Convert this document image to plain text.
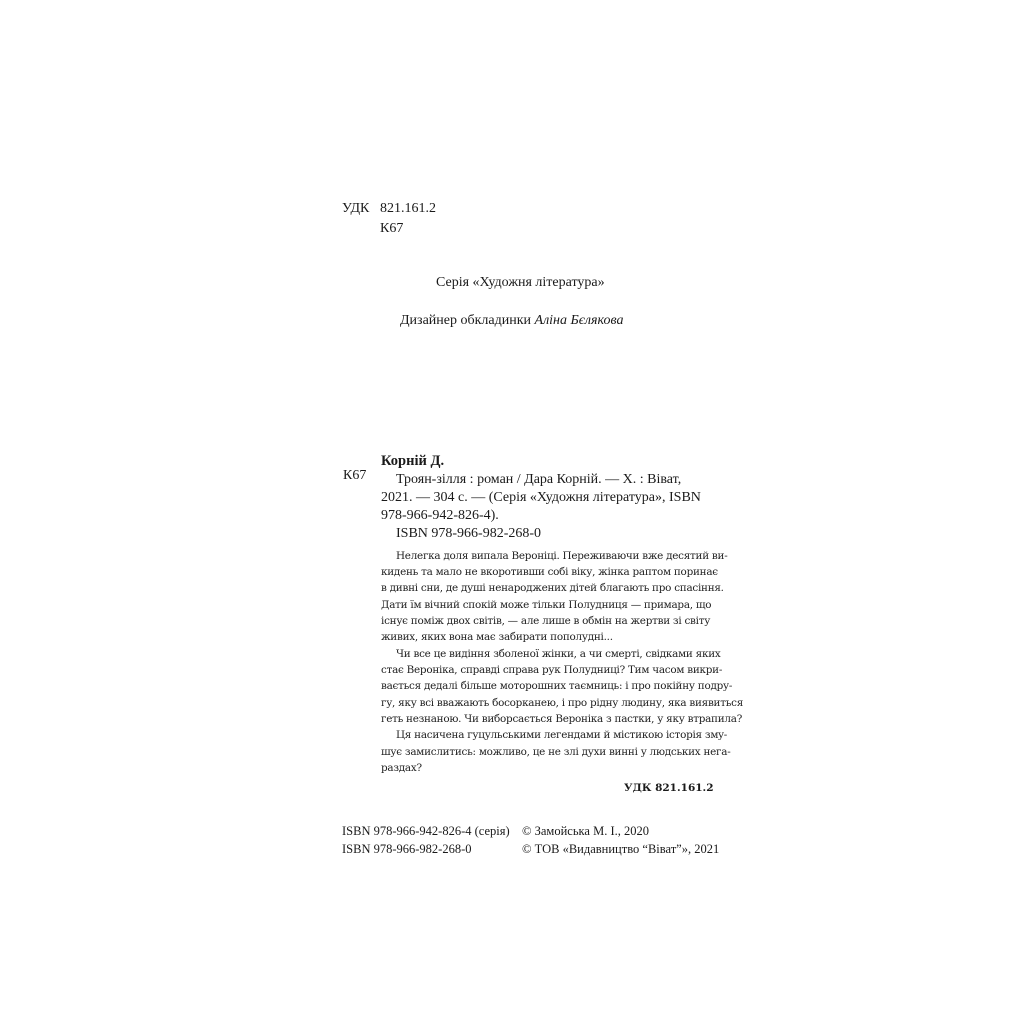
УДК 821.161.2
К67
Серія «Художня література»
Дизайнер обкладинки Аліна Бєлякова
Корній Д.
К67 Троян-зілля : роман / Дара Корній. — Х. : Віват,
2021. — 304 с. — (Серія «Художня література», ISBN
978-966-942-826-4).
ISBN 978-966-982-268-0
Нелегка доля випала Вероніці. Переживаючи вже десятий ви-
кидень та мало не вкоротивши собі віку, жінка раптом поринає
в дивні сни, де душі ненароджених дітей благають про спасіння.
Дати їм вічний спокій може тільки Полудниця — примара, що
існує поміж двох світів, — але лише в обмін на жертви зі світу
живих, яких вона має забирати пополудні...
Чи все це видіння зболеної жінки, а чи смерті, свідками яких
стає Вероніка, справді справа рук Полудниці? Тим часом викри-
вається дедалі більше моторошних таємниць: і про покійну подру-
гу, яку всі вважають босорканею, і про рідну людину, яка виявиться
геть незнаною. Чи виборсається Вероніка з пастки, у яку втрапила?
Ця насичена гуцульськими легендами й містикою історія змy-
шує замислитись: можливо, це не злі духи винні у людських нега-
раздах?
УДК 821.161.2
ISBN 978-966-942-826-4 (серія)
ISBN 978-966-982-268-0
© Замойська М. І., 2020
© ТОВ «Видавництво “Віват”», 2021
